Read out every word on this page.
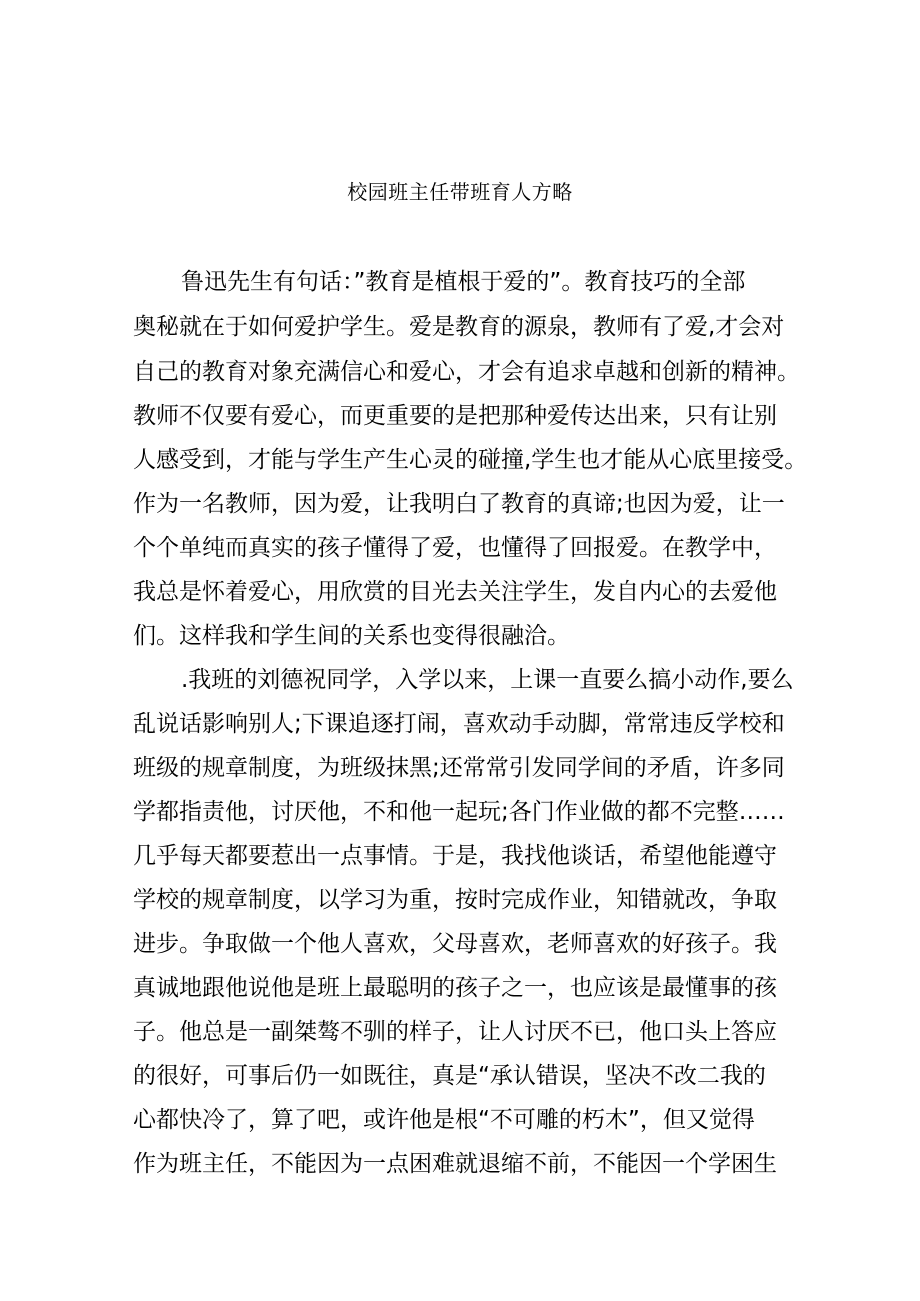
校园班主任带班育人方略
鲁迅先生有句话：”教育是植根于爱的”。教育技巧的全部
奥秘就在于如何爱护学生。爱是教育的源泉，教师有了爱,才会对
自己的教育对象充满信心和爱心，才会有追求卓越和创新的精神。
教师不仅要有爱心，而更重要的是把那种爱传达出来，只有让别
人感受到，才能与学生产生心灵的碰撞,学生也才能从心底里接受。
作为一名教师，因为爱，让我明白了教育的真谛;也因为爱，让一
个个单纯而真实的孩子懂得了爱，也懂得了回报爱。在教学中，
我总是怀着爱心，用欣赏的目光去关注学生，发自内心的去爱他
们。这样我和学生间的关系也变得很融洽。
.我班的刘德祝同学，入学以来，上课一直要么搞小动作,要么
乱说话影响别人;下课追逐打闹，喜欢动手动脚，常常违反学校和
班级的规章制度，为班级抹黑;还常常引发同学间的矛盾，许多同
学都指责他，讨厌他，不和他一起玩;各门作业做的都不完整……
几乎每天都要惹出一点事情。于是，我找他谈话，希望他能遵守
学校的规章制度，以学习为重，按时完成作业，知错就改，争取
进步。争取做一个他人喜欢，父母喜欢，老师喜欢的好孩子。我
真诚地跟他说他是班上最聪明的孩子之一，也应该是最懂事的孩
子。他总是一副桀骜不驯的样子，让人讨厌不已，他口头上答应
的很好，可事后仍一如既往，真是“承认错误，坚决不改二我的
心都快冷了，算了吧，或许他是根“不可雕的朽木”，但又觉得
作为班主任，不能因为一点困难就退缩不前，不能因一个学困生
